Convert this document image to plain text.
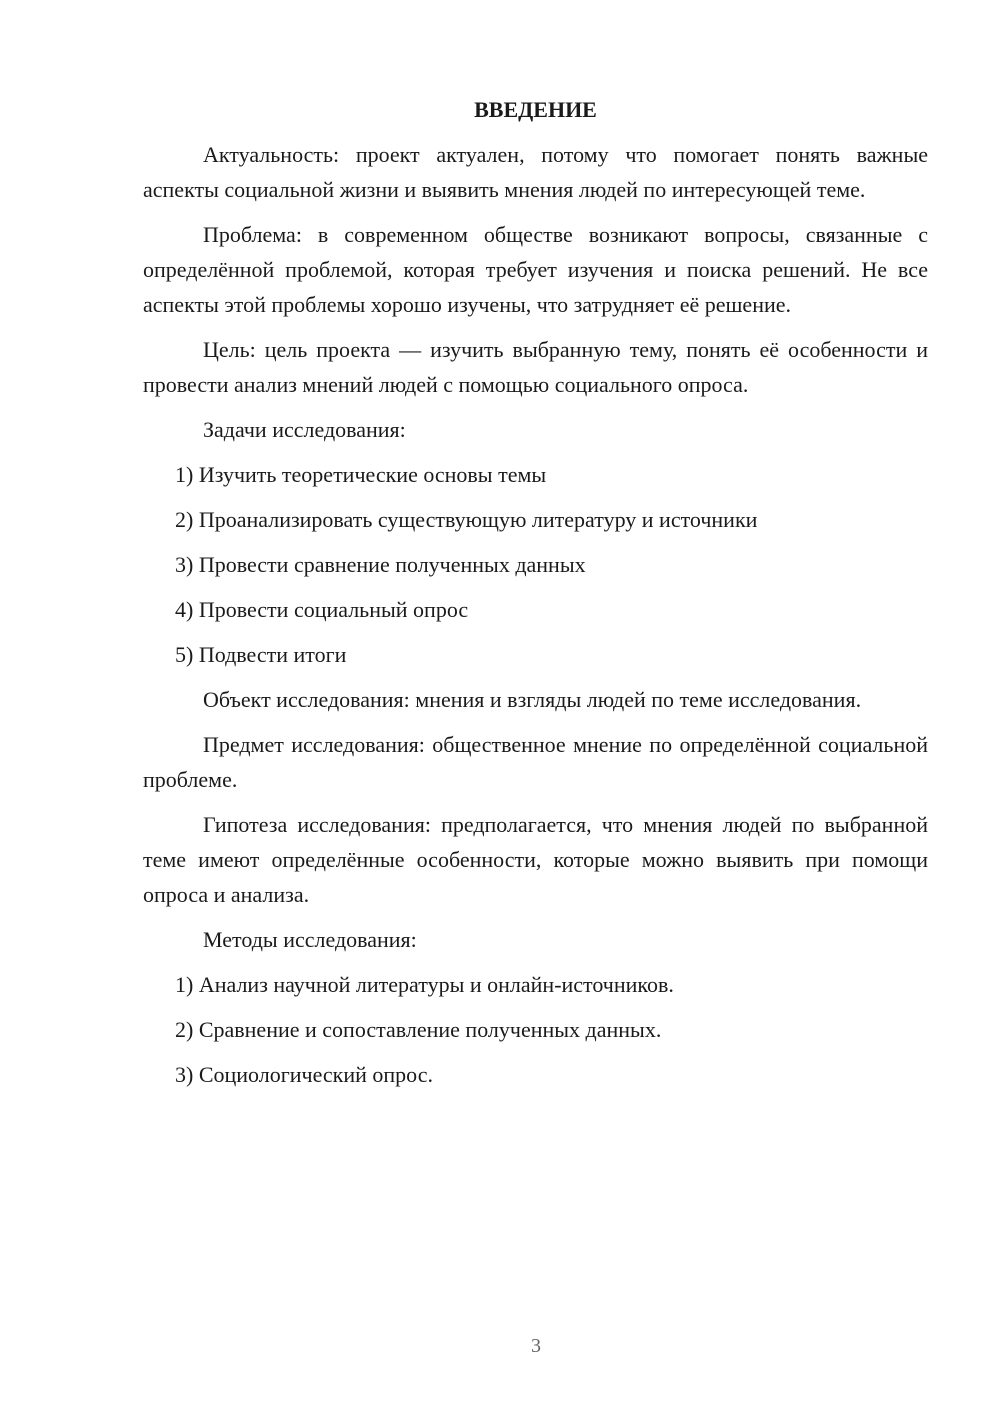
ВВЕДЕНИЕ

Актуальность: проект актуален, потому что помогает понять важные аспекты социальной жизни и выявить мнения людей по интересующей теме.

Проблема: в современном обществе возникают вопросы, связанные с определённой проблемой, которая требует изучения и поиска решений. Не все аспекты этой проблемы хорошо изучены, что затрудняет её решение.

Цель: цель проекта — изучить выбранную тему, понять её особенности и провести анализ мнений людей с помощью социального опроса.

Задачи исследования:

1) Изучить теоретические основы темы
2) Проанализировать существующую литературу и источники
3) Провести сравнение полученных данных
4) Провести социальный опрос
5) Подвести итоги

Объект исследования: мнения и взгляды людей по теме исследования.

Предмет исследования: общественное мнение по определённой социальной проблеме.

Гипотеза исследования: предполагается, что мнения людей по выбранной теме имеют определённые особенности, которые можно выявить при помощи опроса и анализа.

Методы исследования:

1) Анализ научной литературы и онлайн-источников.
2) Сравнение и сопоставление полученных данных.
3) Социологический опрос.
3
